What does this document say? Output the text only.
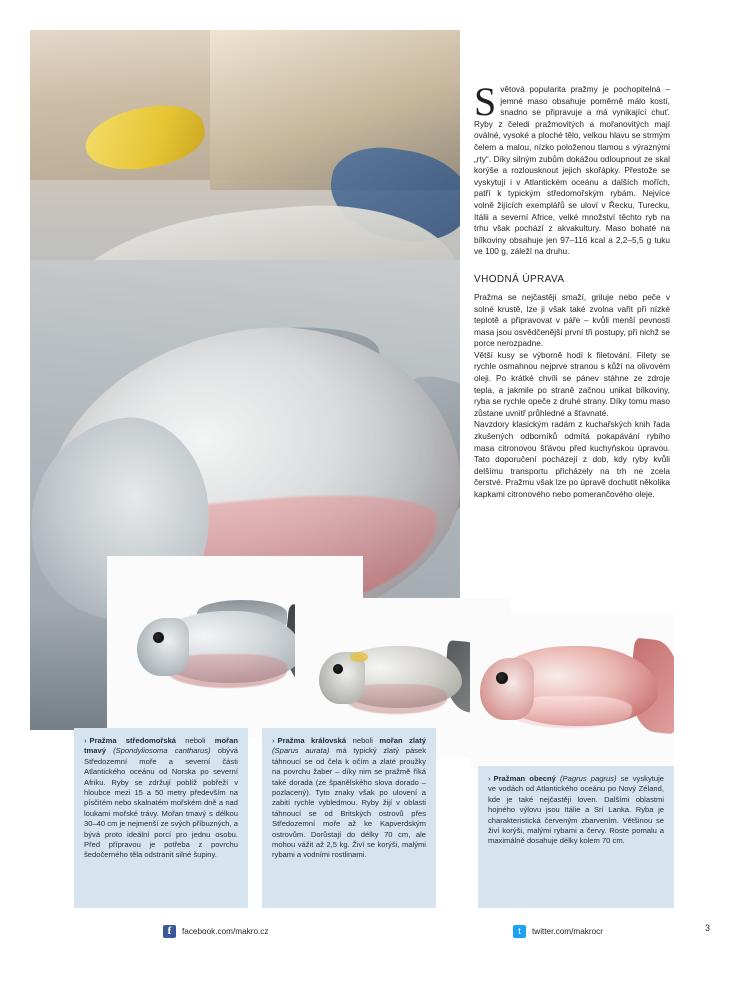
Světová popularita pražmy je pochopitelná – jemné maso obsahuje poměrně málo kostí, snadno se připravuje a má vynikající chuť. Ryby z čeledi pražmovitých a mořanovitých mají oválné, vysoké a ploché tělo, velkou hlavu se strmým čelem a malou, nízko položenou tlamou s výraznými „rty“. Díky silným zubům dokážou odloupnout ze skal korýše a rozlousknout jejich skořápky. Přestože se vyskytují i v Atlantickém oceánu a dalších mořích, patří k typickým středomořským rybám. Nejvíce volně žijících exemplářů se uloví v Řecku, Turecku, Itálii a severní Africe, velké množství těchto ryb na trhu však pochází z akvakultury. Maso bohaté na bílkoviny obsahuje jen 97–116 kcal a 2,2–5,5 g tuku ve 100 g, záleží na druhu.
VHODNÁ ÚPRAVA

Pražma se nejčastěji smaží, griluje nebo peče v solné krustě, lze ji však také zvolna vařit při nízké teplotě a připravovat v páře – kvůli menší pevnosti masa jsou osvědčenější první tři postupy, při nichž se porce nerozpadne.

Větší kusy se výborně hodí k filetování. Filety se rychle osmahnou nejprve stranou s kůží na olivovém oleji. Po krátké chvíli se pánev stáhne ze zdroje tepla, a jakmile po straně začnou unikat bílkoviny, ryba se rychle opeče z druhé strany. Díky tomu maso zůstane uvnitř průhledné a šťavnaté.

Navzdory klasickým radám z kuchařských knih řada zkušených odborníků odmítá pokapávání rybího masa citronovou šťávou před kuchyňskou úpravou. Tato doporučení pocházejí z dob, kdy ryby kvůli delšímu transportu přicházely na trh ne zcela čerstvé. Pražmu však lze po úpravě dochutit několika kapkami citronového nebo pomerančového oleje.

› Pražma středomořská neboli mořan tmavý (Spondyliosoma cantharus) obývá Středozemní moře a severní části Atlantického oceánu od Norska po severní Afriku. Ryby se zdržují poblíž pobřeží v hloubce mezi 15 a 50 metry především na písčitém nebo skalnatém mořském dně a nad loukami mořské trávy. Mořan tmavý s délkou 30–40 cm je nejmenší ze svých příbuzných, a bývá proto ideální porcí pro jednu osobu. Před přípravou je potřeba z povrchu šedočerného těla odstranit silné šupiny.
› Pražma královská neboli mořan zlatý (Sparus aurata) má typický zlatý pásek táhnoucí se od čela k očím a zlaté proužky na povrchu žaber – díky nim se pražmě říká také dorada (ze španělského slova dorado – pozlacený). Tyto znaky však po ulovení a zabití rychle vybledmou. Ryby žijí v oblasti táhnoucí se od Britských ostrovů přes Středozemní moře až ke Kapverdským ostrovům. Dorůstají do délky 70 cm, ale mohou vážit až 2,5 kg. Živí se korýši, malými rybami a vodními rostlinami.
› Pražman obecný (Pagrus pagrus) se vyskytuje ve vodách od Atlantického oceánu po Nový Zéland, kde je také nejčastěji loven. Dalšími oblastmi hojného výlovu jsou Itálie a Srí Lanka. Ryba je charakteristická červeným zbarvením. Většinou se živí korýši, malými rybami a červy. Roste pomalu a maximálně dosahuje délky kolem 70 cm.
f	facebook.com/makro.cz	t	twitter.com/makrocr	3
